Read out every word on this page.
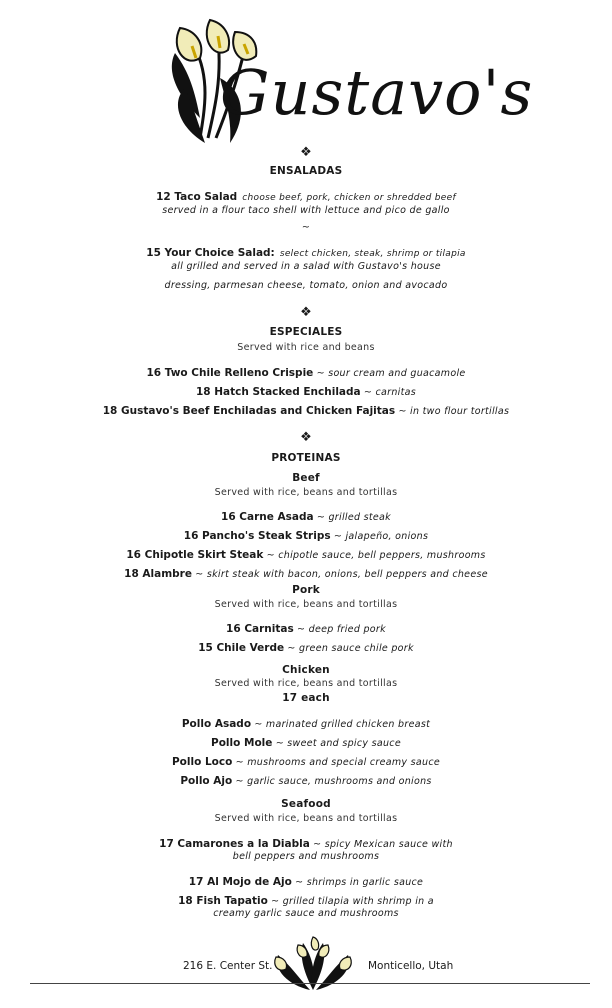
Gustavo's
❖
ENSALADAS
12 Taco Salad choose beef, pork, chicken or shredded beef
served in a flour taco shell with lettuce and pico de gallo
~
15 Your Choice Salad: select chicken, steak, shrimp or tilapia
all grilled and served in a salad with Gustavo's house
dressing, parmesan cheese, tomato, onion and avocado
❖
ESPECIALES
Served with rice and beans
16 Two Chile Relleno Crispie ~ sour cream and guacamole
18 Hatch Stacked Enchilada ~ carnitas
18 Gustavo's Beef Enchiladas and Chicken Fajitas ~ in two flour tortillas
❖
PROTEINAS
Beef
Served with rice, beans and tortillas
16 Carne Asada ~ grilled steak
16 Pancho's Steak Strips ~ jalapeño, onions
16 Chipotle Skirt Steak ~ chipotle sauce, bell peppers, mushrooms
18 Alambre ~ skirt steak with bacon, onions, bell peppers and cheese
Pork
Served with rice, beans and tortillas
16 Carnitas ~ deep fried pork
15 Chile Verde ~ green sauce chile pork
Chicken
Served with rice, beans and tortillas
17 each
Pollo Asado ~ marinated grilled chicken breast
Pollo Mole ~ sweet and spicy sauce
Pollo Loco ~ mushrooms and special creamy sauce
Pollo Ajo ~ garlic sauce, mushrooms and onions
Seafood
Served with rice, beans and tortillas
17 Camarones a la Diabla ~ spicy Mexican sauce with
bell peppers and mushrooms
17 Al Mojo de Ajo ~ shrimps in garlic sauce
18 Fish Tapatio ~ grilled tilapia with shrimp in a
creamy garlic sauce and mushrooms
216 E. Center St.	Monticello, Utah
